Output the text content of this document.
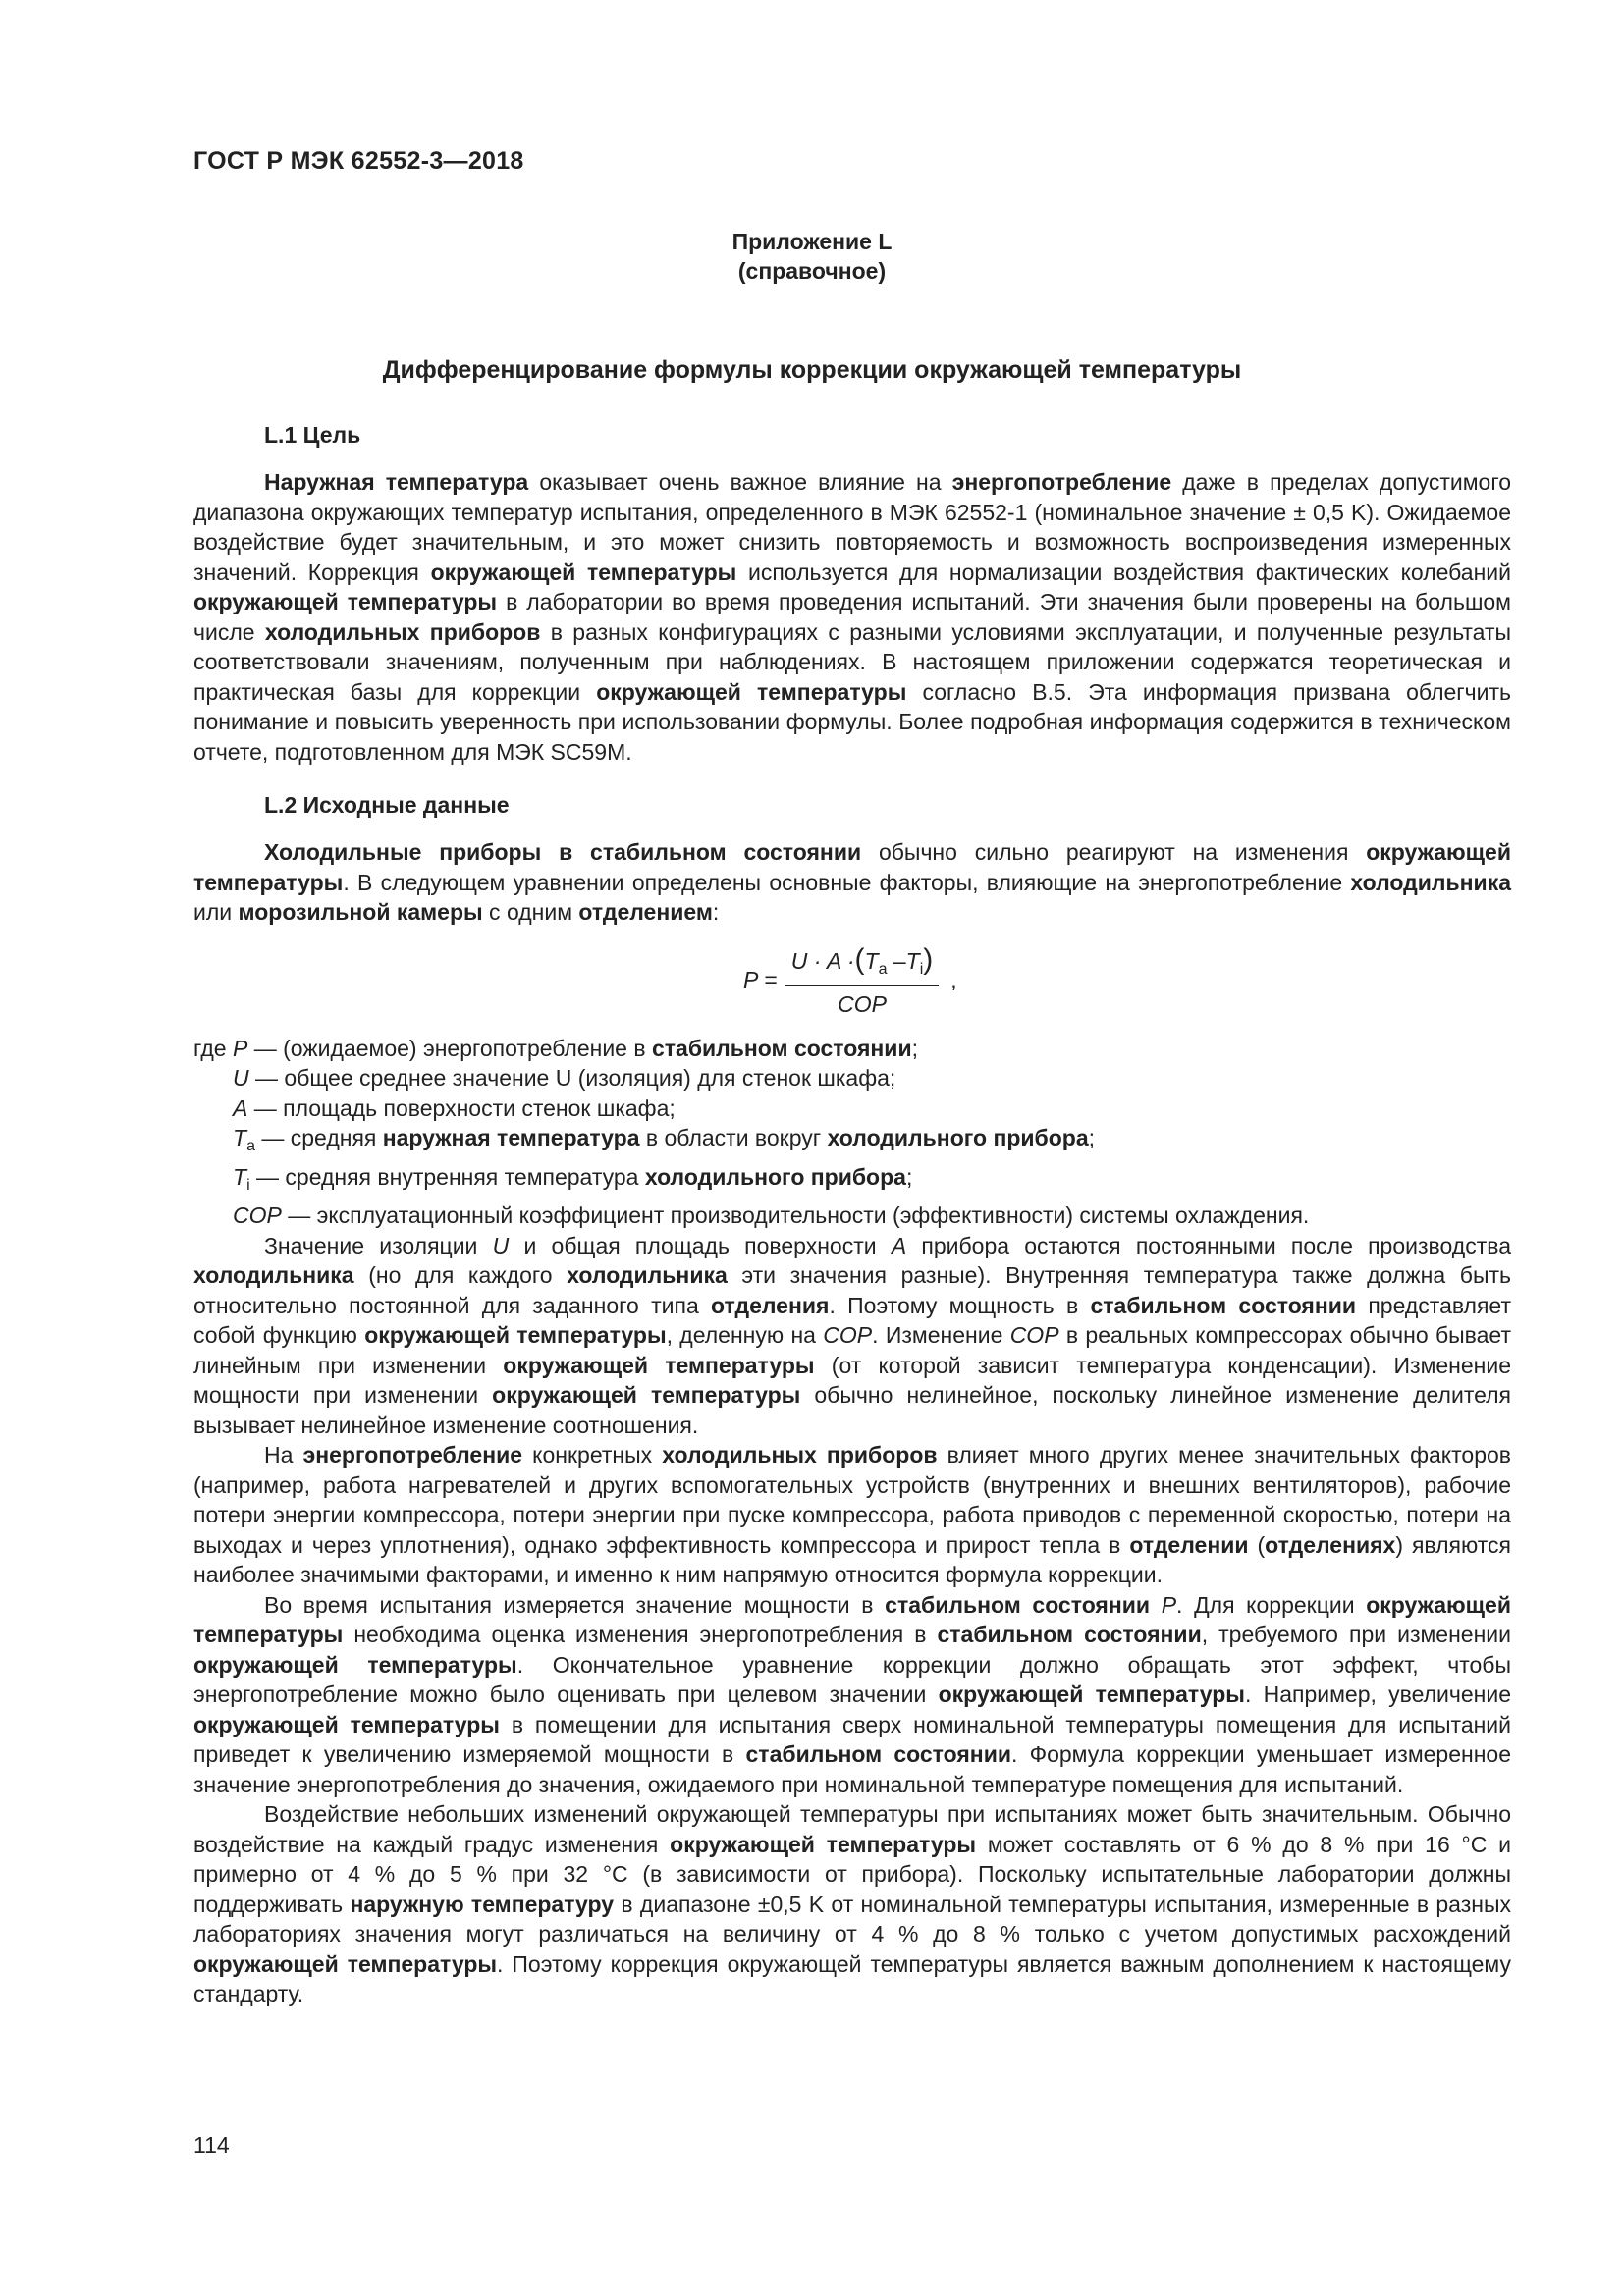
ГОСТ Р МЭК 62552-3—2018

Приложение L
(справочное)

Дифференцирование формулы коррекции окружающей температуры

L.1 Цель

Наружная температура оказывает очень важное влияние на энергопотребление даже в пределах допустимого диапазона окружающих температур испытания, определенного в МЭК 62552-1 (номинальное значение ± 0,5 K). Ожидаемое воздействие будет значительным, и это может снизить повторяемость и возможность воспроизведения измеренных значений. Коррекция окружающей температуры используется для нормализации воздействия фактических колебаний окружающей температуры в лаборатории во время проведения испытаний. Эти значения были проверены на большом числе холодильных приборов в разных конфигурациях с разными условиями эксплуатации, и полученные результаты соответствовали значениям, полученным при наблюдениях. В настоящем приложении содержатся теоретическая и практическая базы для коррекции окружающей температуры согласно В.5. Эта информация призвана облегчить понимание и повысить уверенность при использовании формулы. Более подробная информация содержится в техническом отчете, подготовленном для МЭК SC59M.

L.2 Исходные данные

Холодильные приборы в стабильном состоянии обычно сильно реагируют на изменения окружающей температуры. В следующем уравнении определены основные факторы, влияющие на энергопотребление холодильника или морозильной камеры с одним отделением:

$P = \frac{U \cdot A \cdot(T_a -T_i)}{\text{COP}}$ ,
где P — (ожидаемое) энергопотребление в стабильном состоянии;
U — общее среднее значение U (изоляция) для стенок шкафа;
A — площадь поверхности стенок шкафа;
$T_a$ — средняя наружная температура в области вокруг холодильного прибора;
$T_i$ — средняя внутренняя температура холодильного прибора;
COP — эксплуатационный коэффициент производительности (эффективности) системы охлаждения.

Значение изоляции U и общая площадь поверхности A прибора остаются постоянными после производства холодильника (но для каждого холодильника эти значения разные). Внутренняя температура также должна быть относительно постоянной для заданного типа отделения. Поэтому мощность в стабильном состоянии представляет собой функцию окружающей температуры, деленную на COP. Изменение COP в реальных компрессорах обычно бывает линейным при изменении окружающей температуры (от которой зависит температура конденсации). Изменение мощности при изменении окружающей температуры обычно нелинейное, поскольку линейное изменение делителя вызывает нелинейное изменение соотношения.

На энергопотребление конкретных холодильных приборов влияет много других менее значительных факторов (например, работа нагревателей и других вспомогательных устройств (внутренних и внешних вентиляторов), рабочие потери энергии компрессора, потери энергии при пуске компрессора, работа приводов с переменной скоростью, потери на выходах и через уплотнения), однако эффективность компрессора и прирост тепла в отделении (отделениях) являются наиболее значимыми факторами, и именно к ним напрямую относится формула коррекции.

Во время испытания измеряется значение мощности в стабильном состоянии P. Для коррекции окружающей температуры необходима оценка изменения энергопотребления в стабильном состоянии, требуемого при изменении окружающей температуры. Окончательное уравнение коррекции должно обращать этот эффект, чтобы энергопотребление можно было оценивать при целевом значении окружающей температуры. Например, увеличение окружающей температуры в помещении для испытания сверх номинальной температуры помещения для испытаний приведет к увеличению измеряемой мощности в стабильном состоянии. Формула коррекции уменьшает измеренное значение энергопотребления до значения, ожидаемого при номинальной температуре помещения для испытаний.

Воздействие небольших изменений окружающей температуры при испытаниях может быть значительным. Обычно воздействие на каждый градус изменения окружающей температуры может составлять от 6 % до 8 % при 16 °C и примерно от 4 % до 5 % при 32 °C (в зависимости от прибора). Поскольку испытательные лаборатории должны поддерживать наружную температуру в диапазоне ±0,5 K от номинальной температуры испытания, измеренные в разных лабораториях значения могут различаться на величину от 4 % до 8 % только с учетом допустимых расхождений окружающей температуры. Поэтому коррекция окружающей температуры является важным дополнением к настоящему стандарту.

114
